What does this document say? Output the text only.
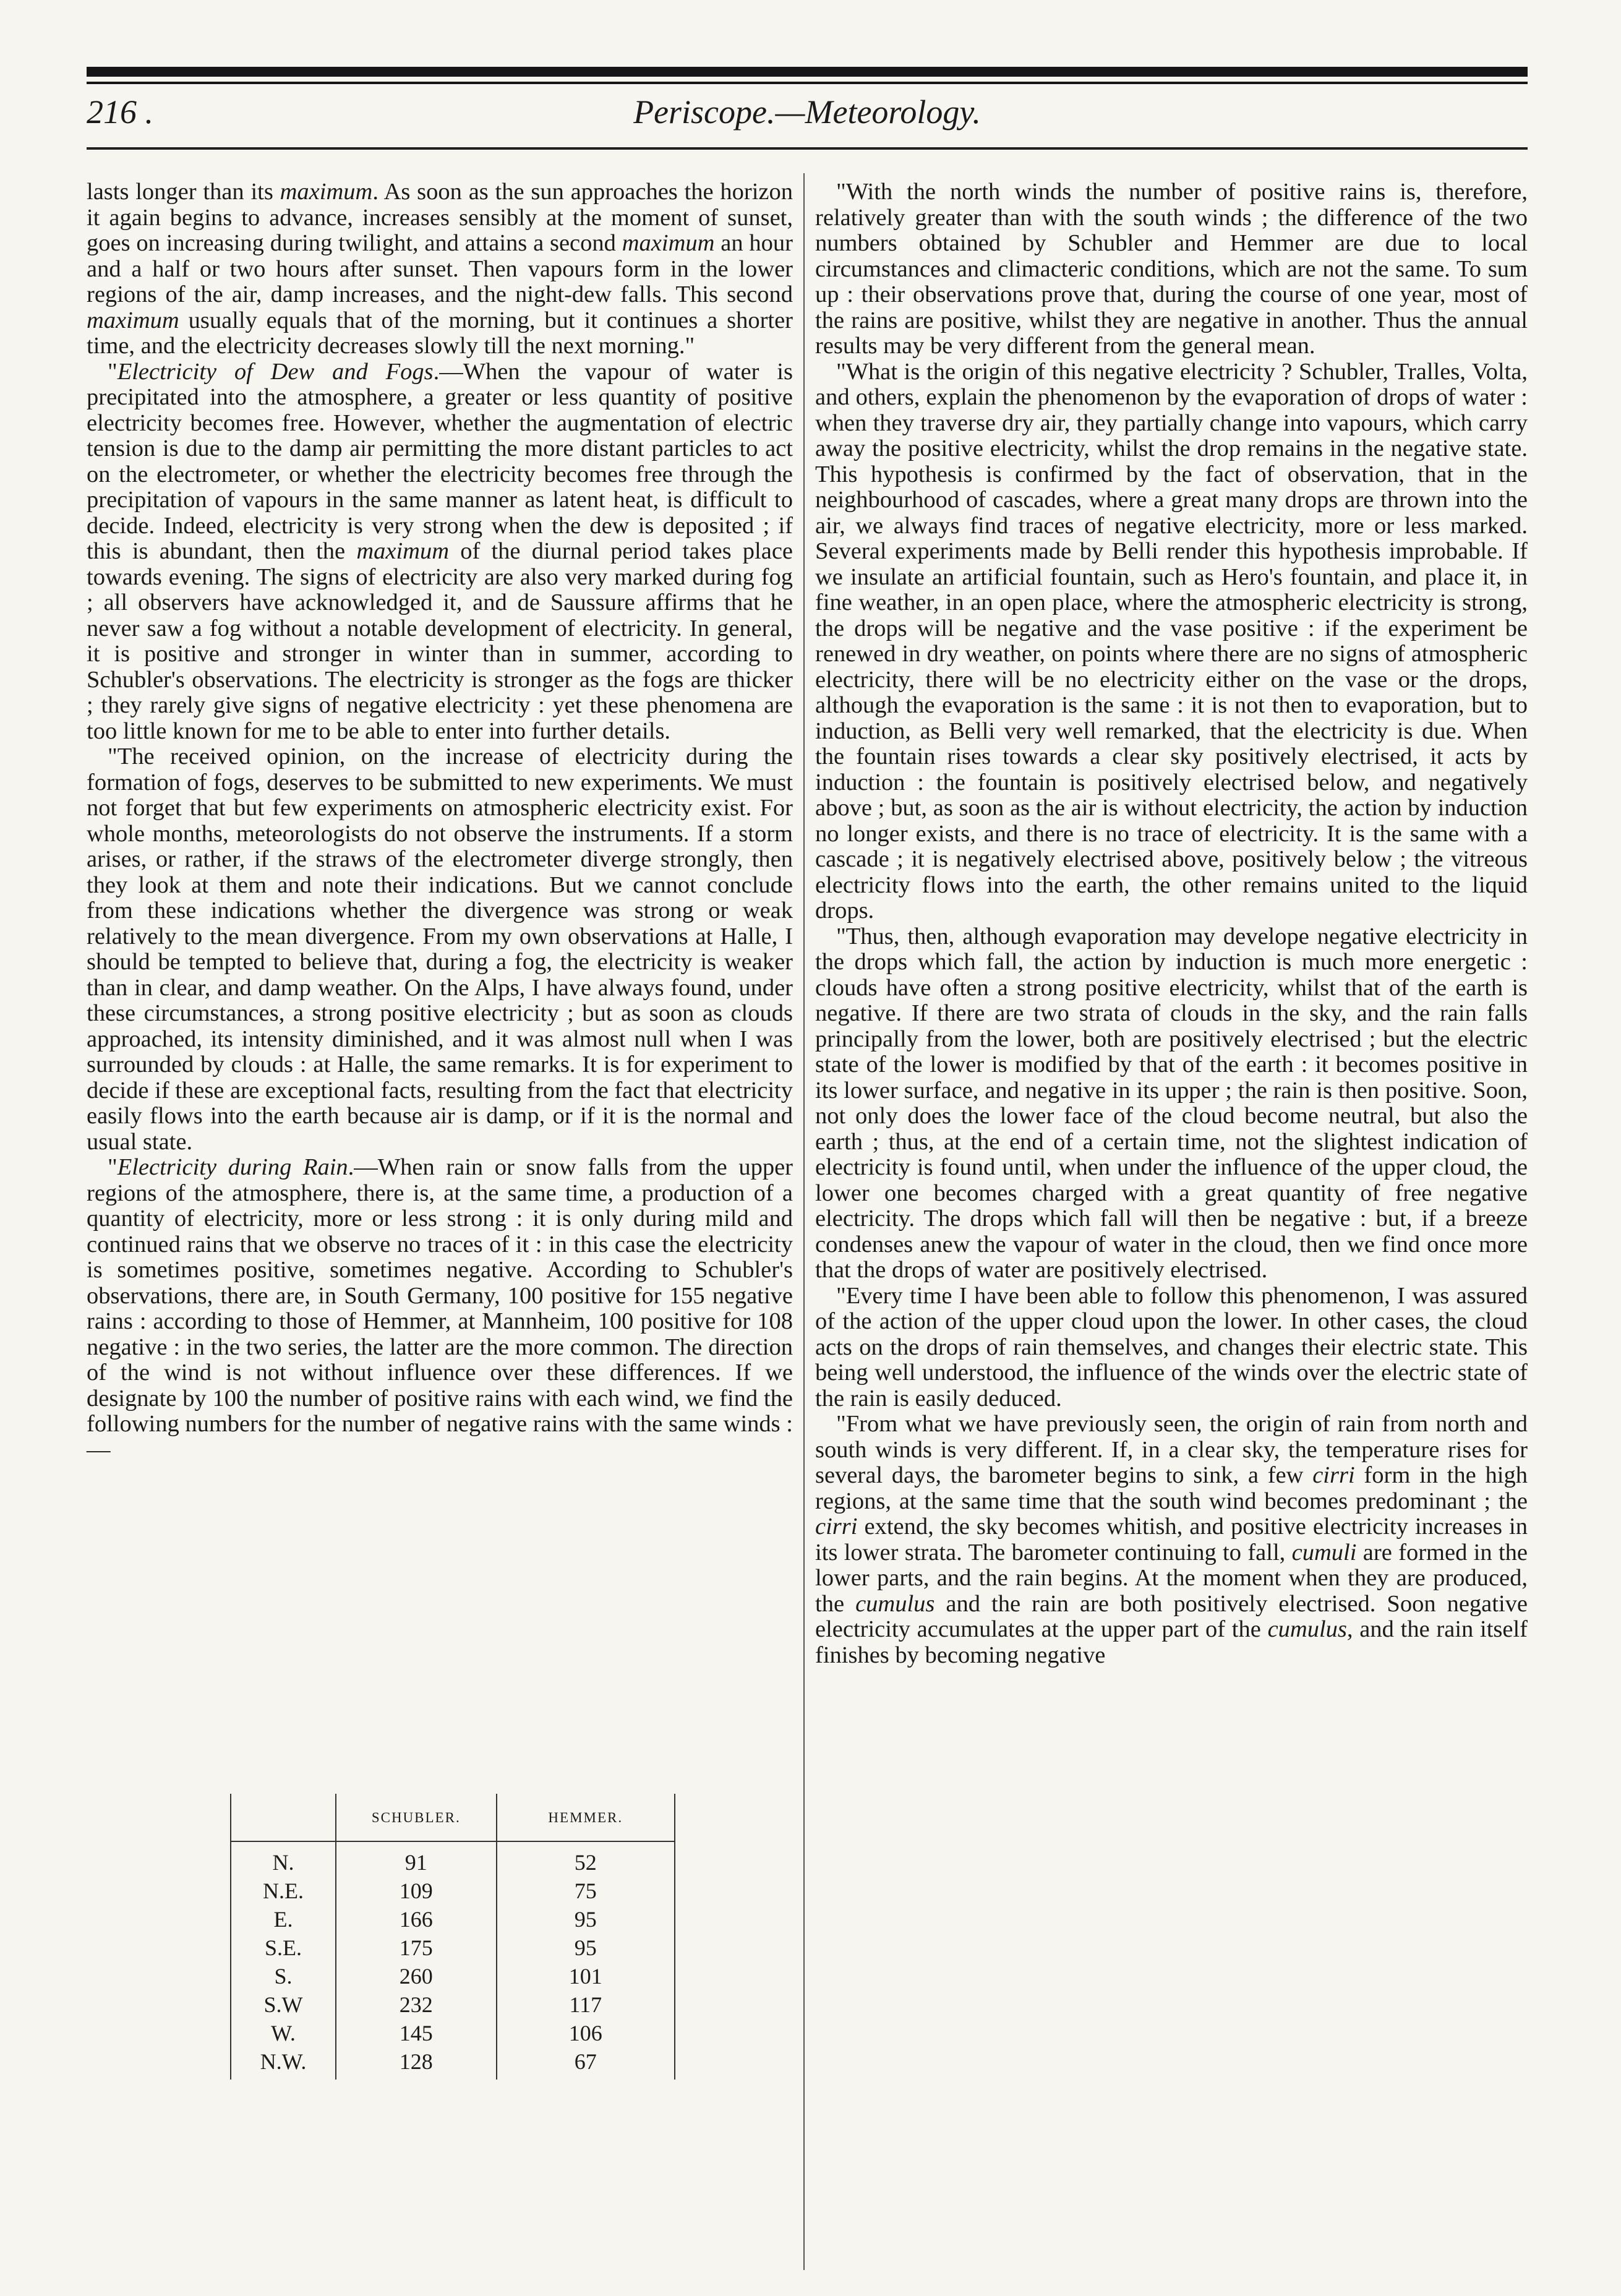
216 .	Periscope.—Meteorology.

lasts longer than its maximum. As soon as the sun approaches the horizon it again begins to advance, increases sensibly at the moment of sunset, goes on increasing during twilight, and attains a second maximum an hour and a half or two hours after sunset. Then vapours form in the lower regions of the air, damp increases, and the night-dew falls. This second maximum usually equals that of the morning, but it continues a shorter time, and the electricity decreases slowly till the next morning."

"Electricity of Dew and Fogs.—When the vapour of water is precipitated into the atmosphere, a greater or less quantity of positive electricity becomes free. However, whether the augmentation of electric tension is due to the damp air permitting the more distant particles to act on the electrometer, or whether the electricity becomes free through the precipitation of vapours in the same manner as latent heat, is difficult to decide. Indeed, electricity is very strong when the dew is deposited ; if this is abundant, then the maximum of the diurnal period takes place towards evening. The signs of electricity are also very marked during fog ; all observers have acknowledged it, and de Saussure affirms that he never saw a fog without a notable development of electricity. In general, it is positive and stronger in winter than in summer, according to Schubler's observations. The electricity is stronger as the fogs are thicker ; they rarely give signs of negative electricity : yet these phenomena are too little known for me to be able to enter into further details.

"The received opinion, on the increase of electricity during the formation of fogs, deserves to be submitted to new experiments. We must not forget that but few experiments on atmospheric electricity exist. For whole months, meteorologists do not observe the instruments. If a storm arises, or rather, if the straws of the electrometer diverge strongly, then they look at them and note their indications. But we cannot conclude from these indications whether the divergence was strong or weak relatively to the mean divergence. From my own observations at Halle, I should be tempted to believe that, during a fog, the electricity is weaker than in clear, and damp weather. On the Alps, I have always found, under these circumstances, a strong positive electricity ; but as soon as clouds approached, its intensity diminished, and it was almost null when I was surrounded by clouds : at Halle, the same remarks. It is for experiment to decide if these are exceptional facts, resulting from the fact that electricity easily flows into the earth because air is damp, or if it is the normal and usual state.

"Electricity during Rain.—When rain or snow falls from the upper regions of the atmosphere, there is, at the same time, a production of a quantity of electricity, more or less strong : it is only during mild and continued rains that we observe no traces of it : in this case the electricity is sometimes positive, sometimes negative. According to Schubler's observations, there are, in South Germany, 100 positive for 155 negative rains : according to those of Hemmer, at Mannheim, 100 positive for 108 negative : in the two series, the latter are the more common. The direction of the wind is not without influence over these differences. If we designate by 100 the number of positive rains with each wind, we find the following numbers for the number of negative rains with the same winds :—

	SCHUBLER.	HEMMER.
N.	91	52
N.E.	109	75
E.	166	95
S.E.	175	95
S.	260	101
S.W	232	117
W.	145	106
N.W.	128	67

"With the north winds the number of positive rains is, therefore, relatively greater than with the south winds ; the difference of the two numbers obtained by Schubler and Hemmer are due to local circumstances and climacteric conditions, which are not the same. To sum up : their observations prove that, during the course of one year, most of the rains are positive, whilst they are negative in another. Thus the annual results may be very different from the general mean.

"What is the origin of this negative electricity ? Schubler, Tralles, Volta, and others, explain the phenomenon by the evaporation of drops of water : when they traverse dry air, they partially change into vapours, which carry away the positive electricity, whilst the drop remains in the negative state. This hypothesis is confirmed by the fact of observation, that in the neighbourhood of cascades, where a great many drops are thrown into the air, we always find traces of negative electricity, more or less marked. Several experiments made by Belli render this hypothesis improbable. If we insulate an artificial fountain, such as Hero's fountain, and place it, in fine weather, in an open place, where the atmospheric electricity is strong, the drops will be negative and the vase positive : if the experiment be renewed in dry weather, on points where there are no signs of atmospheric electricity, there will be no electricity either on the vase or the drops, although the evaporation is the same : it is not then to evaporation, but to induction, as Belli very well remarked, that the electricity is due. When the fountain rises towards a clear sky positively electrised, it acts by induction : the fountain is positively electrised below, and negatively above ; but, as soon as the air is without electricity, the action by induction no longer exists, and there is no trace of electricity. It is the same with a cascade ; it is negatively electrised above, positively below ; the vitreous electricity flows into the earth, the other remains united to the liquid drops.

"Thus, then, although evaporation may develope negative electricity in the drops which fall, the action by induction is much more energetic : clouds have often a strong positive electricity, whilst that of the earth is negative. If there are two strata of clouds in the sky, and the rain falls principally from the lower, both are positively electrised ; but the electric state of the lower is modified by that of the earth : it becomes positive in its lower surface, and negative in its upper ; the rain is then positive. Soon, not only does the lower face of the cloud become neutral, but also the earth ; thus, at the end of a certain time, not the slightest indication of electricity is found until, when under the influence of the upper cloud, the lower one becomes charged with a great quantity of free negative electricity. The drops which fall will then be negative : but, if a breeze condenses anew the vapour of water in the cloud, then we find once more that the drops of water are positively electrised.

"Every time I have been able to follow this phenomenon, I was assured of the action of the upper cloud upon the lower. In other cases, the cloud acts on the drops of rain themselves, and changes their electric state. This being well understood, the influence of the winds over the electric state of the rain is easily deduced.

"From what we have previously seen, the origin of rain from north and south winds is very different. If, in a clear sky, the temperature rises for several days, the barometer begins to sink, a few cirri form in the high regions, at the same time that the south wind becomes predominant ; the cirri extend, the sky becomes whitish, and positive electricity increases in its lower strata. The barometer continuing to fall, cumuli are formed in the lower parts, and the rain begins. At the moment when they are produced, the cumulus and the rain are both positively electrised. Soon negative electricity accumulates at the upper part of the cumulus, and the rain itself finishes by becoming negative
